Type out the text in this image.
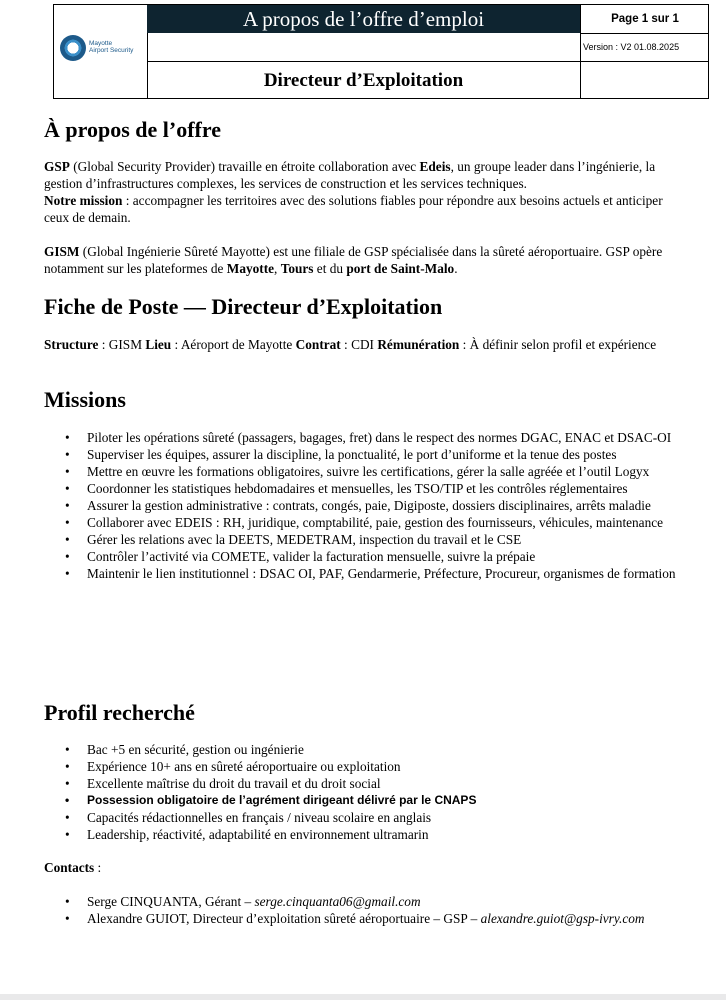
Mayotte
Airport Security
A propos de l’offre d’emploi	Page 1 sur 1
Version : V2 01.08.2025
Directeur d’Exploitation
À propos de l’offre
GSP (Global Security Provider) travaille en étroite collaboration avec Edeis, un groupe leader dans l’ingénierie, la gestion d’infrastructures complexes, les services de construction et les services techniques.
Notre mission : accompagner les territoires avec des solutions fiables pour répondre aux besoins actuels et anticiper ceux de demain.
GISM (Global Ingénierie Sûreté Mayotte) est une filiale de GSP spécialisée dans la sûreté aéroportuaire. GSP opère notamment sur les plateformes de Mayotte, Tours et du port de Saint-Malo.
Fiche de Poste — Directeur d’Exploitation
Structure : GISM Lieu : Aéroport de Mayotte Contrat : CDI Rémunération : À définir selon profil et expérience
Missions
• Piloter les opérations sûreté (passagers, bagages, fret) dans le respect des normes DGAC, ENAC et DSAC-OI
• Superviser les équipes, assurer la discipline, la ponctualité, le port d’uniforme et la tenue des postes
• Mettre en œuvre les formations obligatoires, suivre les certifications, gérer la salle agréée et l’outil Logyx
• Coordonner les statistiques hebdomadaires et mensuelles, les TSO/TIP et les contrôles réglementaires
• Assurer la gestion administrative : contrats, congés, paie, Digiposte, dossiers disciplinaires, arrêts maladie
• Collaborer avec EDEIS : RH, juridique, comptabilité, paie, gestion des fournisseurs, véhicules, maintenance
• Gérer les relations avec la DEETS, MEDETRAM, inspection du travail et le CSE
• Contrôler l’activité via COMETE, valider la facturation mensuelle, suivre la prépaie
• Maintenir le lien institutionnel : DSAC OI, PAF, Gendarmerie, Préfecture, Procureur, organismes de formation
Profil recherché
• Bac +5 en sécurité, gestion ou ingénierie
• Expérience 10+ ans en sûreté aéroportuaire ou exploitation
• Excellente maîtrise du droit du travail et du droit social
• Possession obligatoire de l’agrément dirigeant délivré par le CNAPS
• Capacités rédactionnelles en français / niveau scolaire en anglais
• Leadership, réactivité, adaptabilité en environnement ultramarin
Contacts :
• Serge CINQUANTA, Gérant – serge.cinquanta06@gmail.com
• Alexandre GUIOT, Directeur d’exploitation sûreté aéroportuaire – GSP – alexandre.guiot@gsp-ivry.com
